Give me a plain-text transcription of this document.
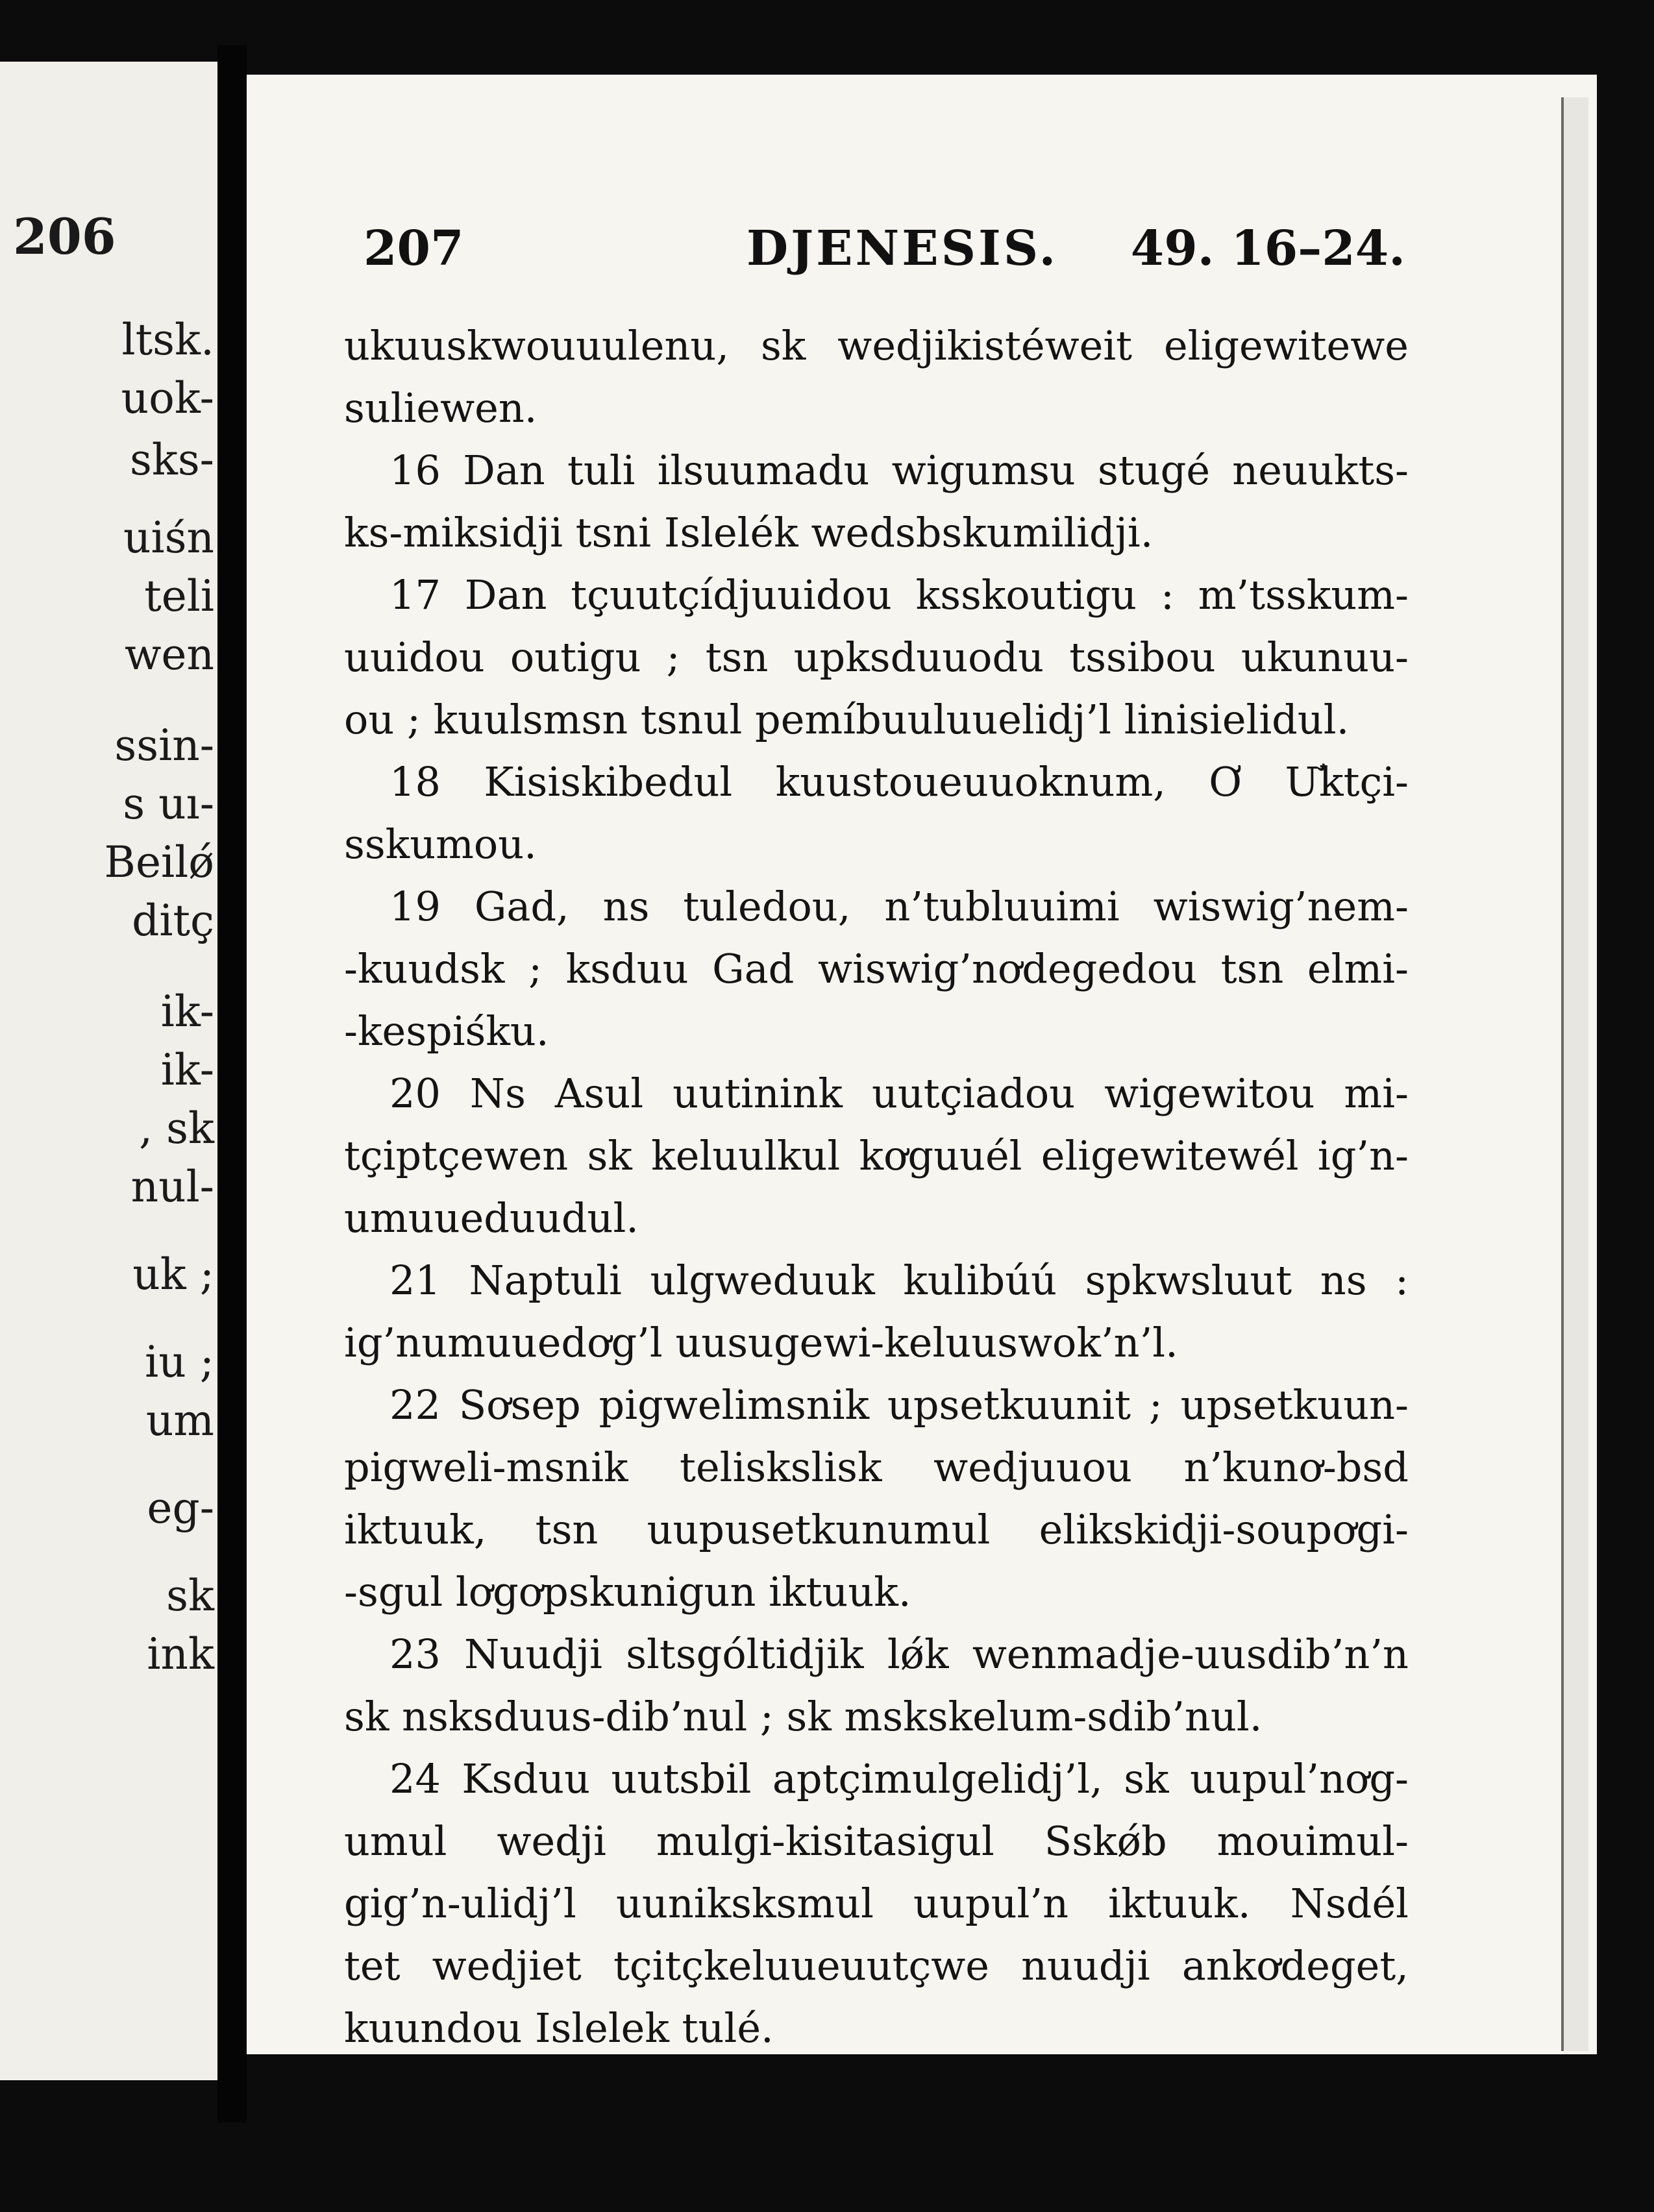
206
ltsk.
uok-
sks-
uiśn
teli
wen
ssin-
s uı-
Beilǿ
ditç
ik-
ik-
, sk
nul-
uk ;
iu ;
um
eg-
sk
ink
207	DJENESIS. 49. 16–24.
ukuuskwouuulenu, sk wedjikistéweit eligewitewe
suliewen.
16 Dan tuli ilsuumadu wigumsu stugé neuukts-
ks-miksidji tsni Islelék wedsbskumilidji.
17 Dan tçuutçídjuuidou ksskoutigu : m’tsskum-
uuidou outigu ; tsn upksduuodu tssibou ukunuu-
ou ; kuulsmsn tsnul pemíbuuluuelidj’l linisielidul.
18 Kisiskibedul kuustoueuuoknum, Ơ Ưktçi-
sskumou.
19 Gad, ns tuledou, n’tubluuimi wiswig’nem-
-kuudsk ; ksduu Gad wiswig’nơdegedou tsn elmi-
-kespiśku.
20 Ns Asul uutinink uutçiadou wigewitou mi-
tçiptçewen sk keluulkul kơguuél eligewitewél ig’n-
umuueduudul.
21 Naptuli ulgweduuk kulibúú spkwsluut ns :
ig’numuuedơg’l uusugewi-keluuswok’n’l.
22 Sơsep pigwelimsnik upsetkuunit ; upsetkuun-
pigweli-msnik teliskslisk wedjuuou n’kunơ-bsd
iktuuk, tsn uupusetkunumul elikskidji-soupơgi-
-sgul lơgơpskunigun iktuuk.
23 Nuudji sltsgóltidjik lǿk wenmadje-uusdib’n’n
sk nsksduus-dib’nul ; sk mskskelum-sdib’nul.
24 Ksduu uutsbil aptçimulgelidj’l, sk uupul’nơg-
umul wedji mulgi-kisitasigul Sskǿb mouimul-
gig’n-ulidj’l uuniksksmul uupul’n iktuuk. Nsdél
tet wedjiet tçitçkeluueuutçwe nuudji ankơdeget,
kuundou Islelek tulé.
